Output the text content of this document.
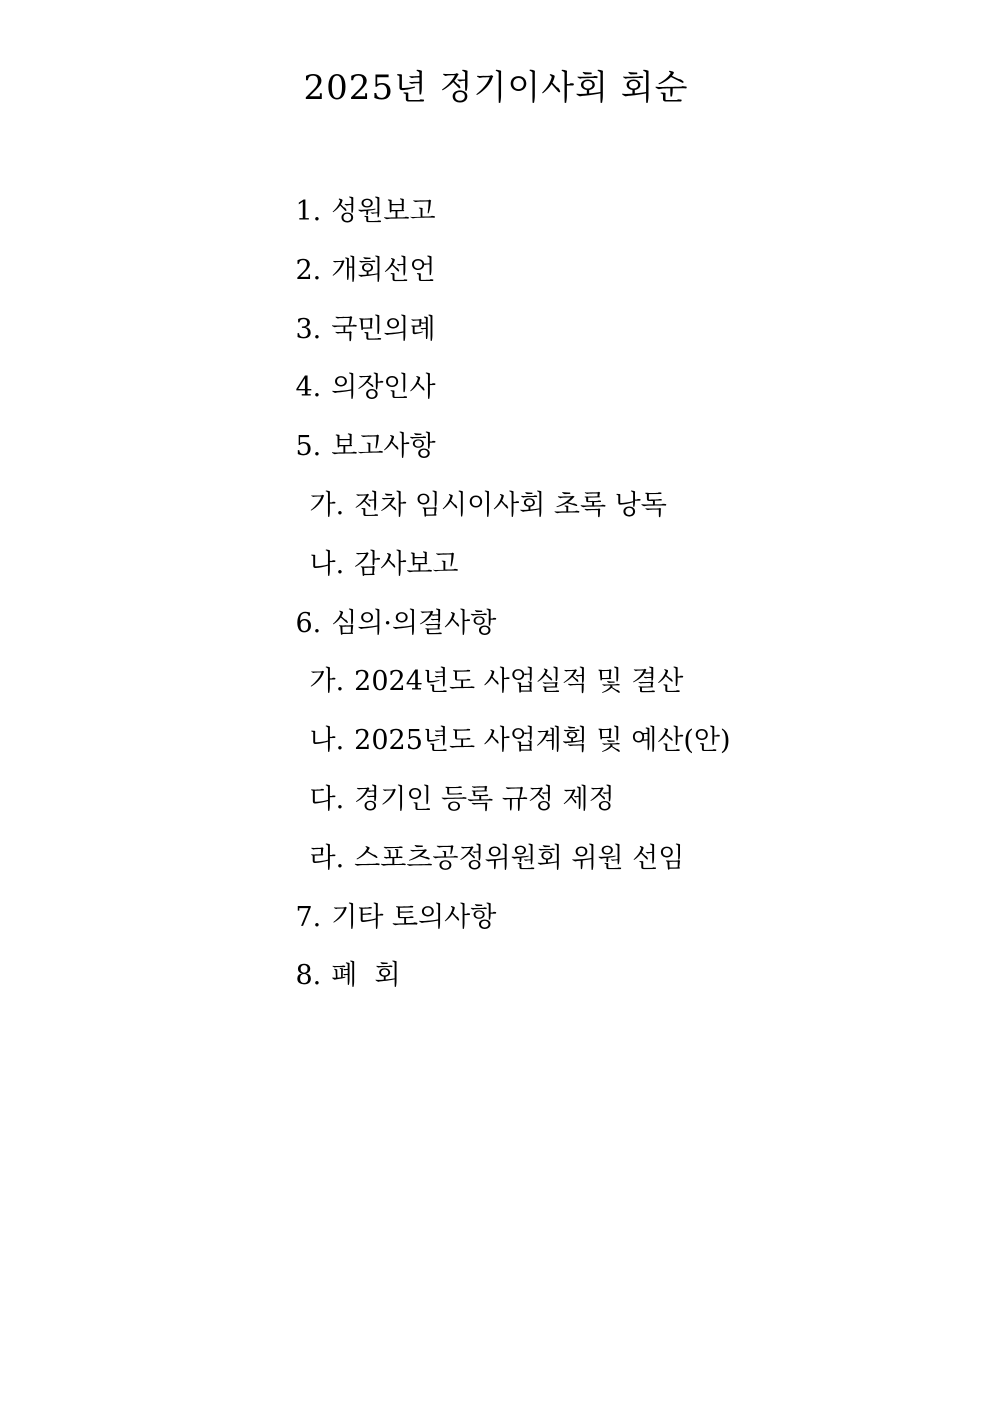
2025년 정기이사회 회순

1. 성원보고

2. 개회선언

3. 국민의례

4. 의장인사

5. 보고사항

가. 전차 임시이사회 초록 낭독

나. 감사보고

6. 심의·의결사항

가. 2024년도 사업실적 및 결산

나. 2025년도 사업계획 및 예산(안)

다. 경기인 등록 규정 제정

라. 스포츠공정위원회 위원 선임

7. 기타 토의사항

8. 폐  회
